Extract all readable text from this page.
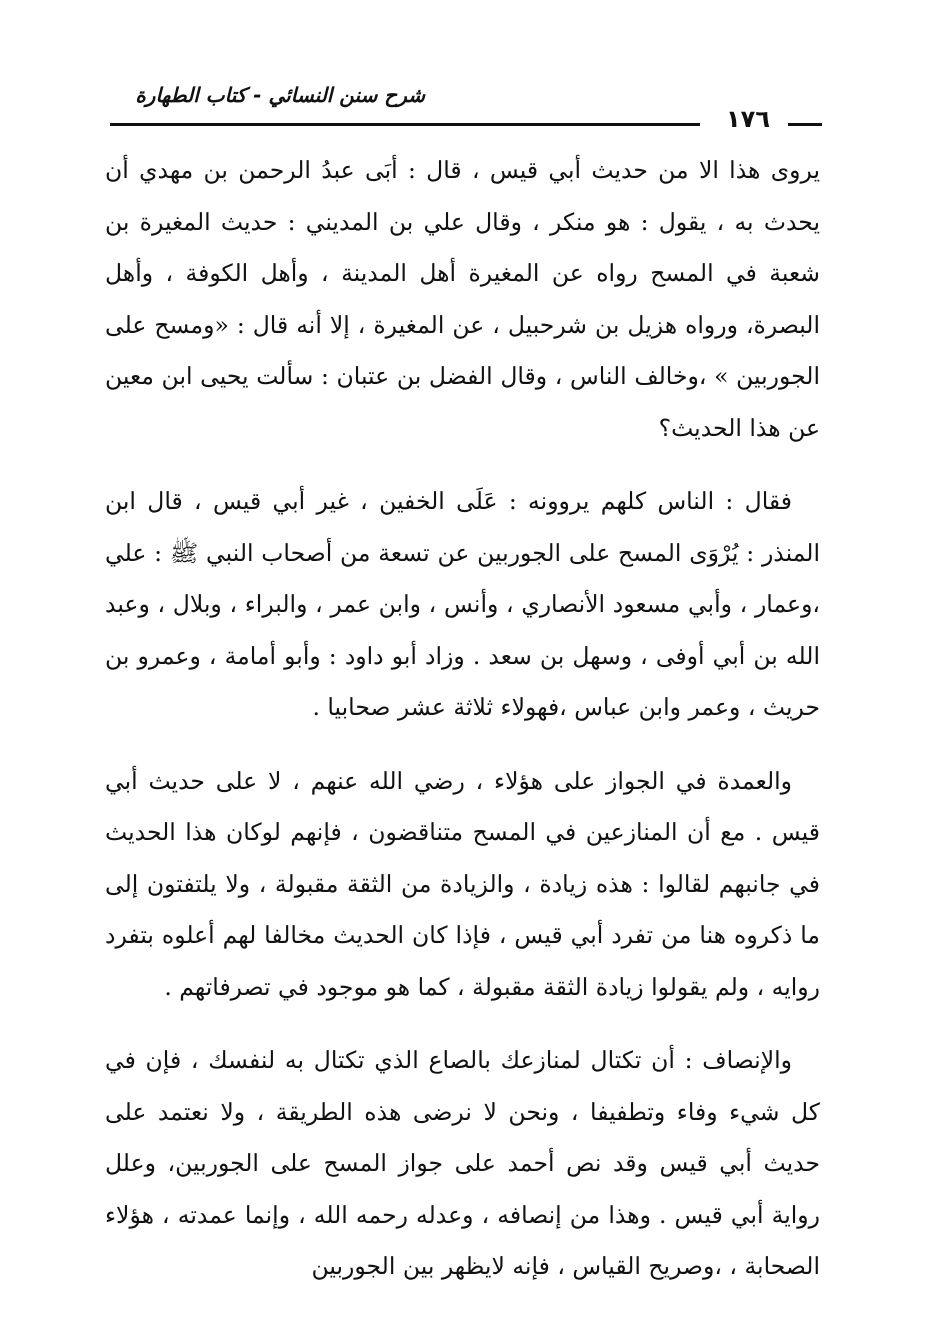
شرح سنن النسائي - كتاب الطهارة
١٧٦

يروى هذا الا من حديث أبي قيس ، قال : أبَى عبدُ الرحمن بن مهدي أن يحدث به ، يقول : هو منكر ، وقال علي بن المديني : حديث المغيرة بن شعبة في المسح رواه عن المغيرة أهل المدينة ، وأهل الكوفة ، وأهل البصرة، ورواه هزيل بن شرحبيل ، عن المغيرة ، إلا أنه قال : «ومسح على الجوربين » ،وخالف الناس ، وقال الفضل بن عتبان : سألت يحيى ابن معين عن هذا الحديث؟

فقال : الناس كلهم يروونه : عَلَى الخفين ، غير أبي قيس ، قال ابن المنذر : يُرْوَى المسح على الجوربين عن تسعة من أصحاب النبي ﷺ : علي ،وعمار ، وأبي مسعود الأنصاري ، وأنس ، وابن عمر ، والبراء ، وبلال ، وعبد الله بن أبي أوفى ، وسهل بن سعد . وزاد أبو داود : وأبو أمامة ، وعمرو بن حريث ، وعمر وابن عباس ،فهولاء ثلاثة عشر صحابيا .

والعمدة في الجواز على هؤلاء ، رضي الله عنهم ، لا على حديث أبي قيس . مع أن المنازعين في المسح متناقضون ، فإنهم لوكان هذا الحديث في جانبهم لقالوا : هذه زيادة ، والزيادة من الثقة مقبولة ، ولا يلتفتون إلى ما ذكروه هنا من تفرد أبي قيس ، فإذا كان الحديث مخالفا لهم أعلوه بتفرد روايه ، ولم يقولوا زيادة الثقة مقبولة ، كما هو موجود في تصرفاتهم .

والإنصاف : أن تكتال لمنازعك بالصاع الذي تكتال به لنفسك ، فإن في كل شيء وفاء وتطفيفا ، ونحن لا نرضى هذه الطريقة ، ولا نعتمد على حديث أبي قيس وقد نص أحمد على جواز المسح على الجوربين، وعلل رواية أبي قيس . وهذا من إنصافه ، وعدله رحمه الله ، وإنما عمدته ، هؤلاء الصحابة ، ،وصريح القياس ، فإنه لايظهر بين الجوربين
